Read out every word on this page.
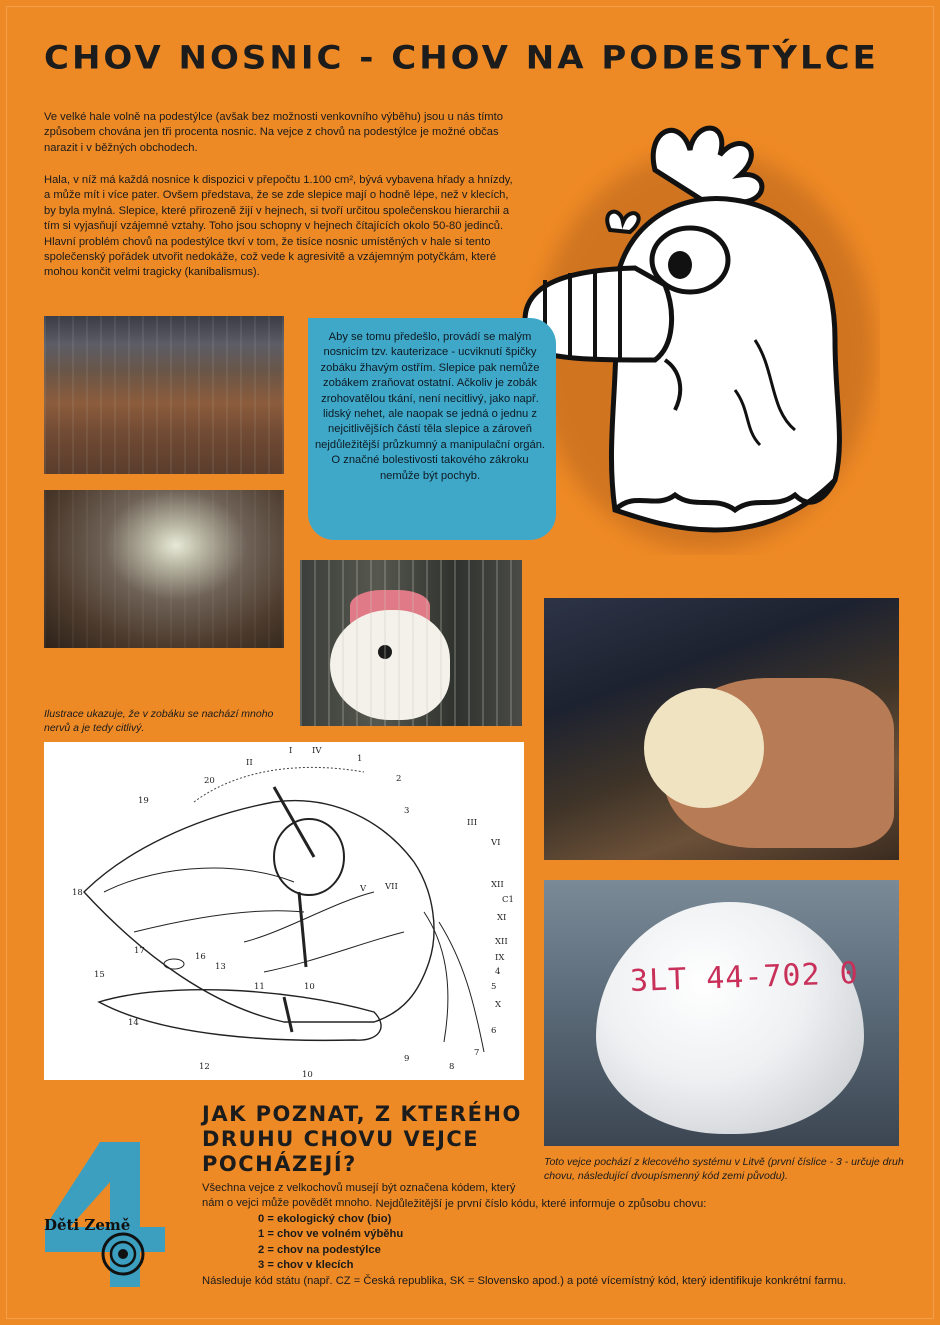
CHOV NOSNIC - CHOV NA PODESTÝLCE
Ve velké hale volně na podestýlce (avšak bez možnosti venkovního výběhu) jsou u nás tímto způsobem chována jen tři procenta nosnic. Na vejce z chovů na podestýlce je možné občas narazit i v běžných obchodech.
Hala, v níž má každá nosnice k dispozici v přepočtu 1.100 cm², bývá vybavena hřady a hnízdy, a může mít i více pater. Ovšem představa, že se zde slepice mají o hodně lépe, než v klecích, by byla mylná. Slepice, které přirozeně žijí v hejnech, si tvoří určitou společenskou hierarchii a tím si vyjasňují vzájemné vztahy. Toho jsou schopny v hejnech čítajících okolo 50-80 jedinců. Hlavní problém chovů na podestýlce tkví v tom, že tisíce nosnic umístěných v hale si tento společenský pořádek utvořit nedokáže, což vede k agresivitě a vzájemným potyčkám, které mohou končit velmi tragicky (kanibalismus).
Aby se tomu předešlo, provádí se malým nosnicím tzv. kauterizace - ucviknutí špičky zobáku žhavým ostřím. Slepice pak nemůže zobákem zraňovat ostatní. Ačkoliv je zobák zrohovatělou tkání, není necitlivý, jako např. lidský nehet, ale naopak se jedná o jednu z nejcitlivějších částí těla slepice a zároveň nejdůležitější průzkumný a manipulační orgán. O značné bolestivosti takového zákroku nemůže být pochyb.
Ilustrace ukazuje, že v zobáku se nachází mnoho nervů a je tedy citlivý.
I IV
II	1
20	2
19
3
III
VI
18	V VII	XII
C1
XI
17
16
13
XII
IX
4
15
5
X
11	10
6
14
7
9
8
12
10
3LT 44-702 0
Toto vejce pochází z klecového systému v Litvě (první číslice - 3 - určuje druh chovu, následující dvoupísmenný kód zemi původu).
Děti Země
JAK POZNAT, Z KTERÉHO DRUHU CHOVU VEJCE POCHÁZEJÍ?
Všechna vejce z velkochovů musejí být označena kódem, který nám o vejci může povědět mnoho. Nejdůležitější je první číslo kódu, které informuje o způsobu chovu:
0 = ekologický chov (bio)
1 = chov ve volném výběhu
2 = chov na podestýlce
3 = chov v klecích
Následuje kód státu (např. CZ = Česká republika, SK = Slovensko apod.) a poté vícemístný kód, který identifikuje konkrétní farmu.
